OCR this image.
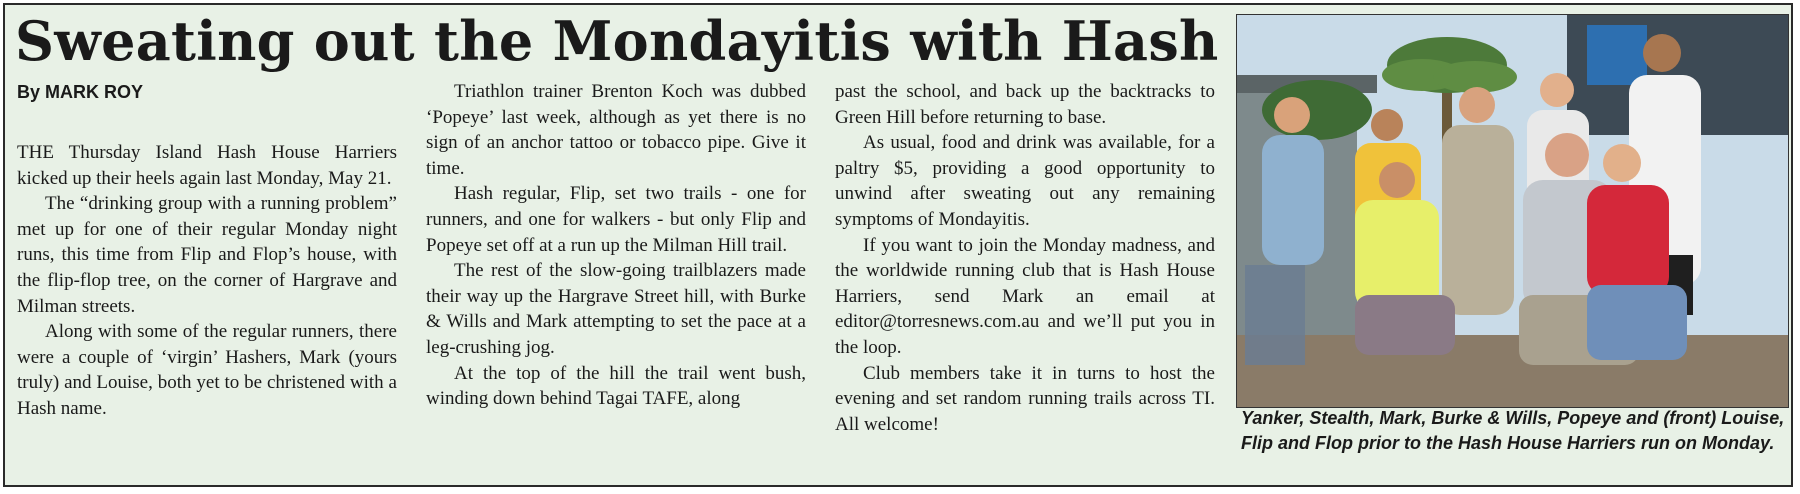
Sweating out the Mondayitis with Hash
By MARK ROY

THE Thursday Island Hash House Harriers kicked up their heels again last Monday, May 21.

The “drinking group with a running problem” met up for one of their regular Monday night runs, this time from Flip and Flop’s house, with the flip-flop tree, on the corner of Hargrave and Milman streets.

Along with some of the regular runners, there were a couple of ‘virgin’ Hashers, Mark (yours truly) and Louise, both yet to be christened with a Hash name.

Triathlon trainer Brenton Koch was dubbed ‘Popeye’ last week, although as yet there is no sign of an anchor tattoo or tobacco pipe. Give it time.

Hash regular, Flip, set two trails - one for runners, and one for walkers - but only Flip and Popeye set off at a run up the Milman Hill trail.

The rest of the slow-going trailblazers made their way up the Hargrave Street hill, with Burke & Wills and Mark attempting to set the pace at a leg-crushing jog.

At the top of the hill the trail went bush, winding down behind Tagai TAFE, along

past the school, and back up the backtracks to Green Hill before returning to base.

As usual, food and drink was available, for a paltry $5, providing a good opportunity to unwind after sweating out any remaining symptoms of Mondayitis.

If you want to join the Monday madness, and the worldwide running club that is Hash House Harriers, send Mark an email at editor@torresnews.com.au and we’ll put you in the loop.

Club members take it in turns to host the evening and set random running trails across TI. All welcome!	Yanker, Stealth, Mark, Burke & Wills, Popeye and (front) Louise, Flip and Flop prior to the Hash House Harriers run on Monday.
